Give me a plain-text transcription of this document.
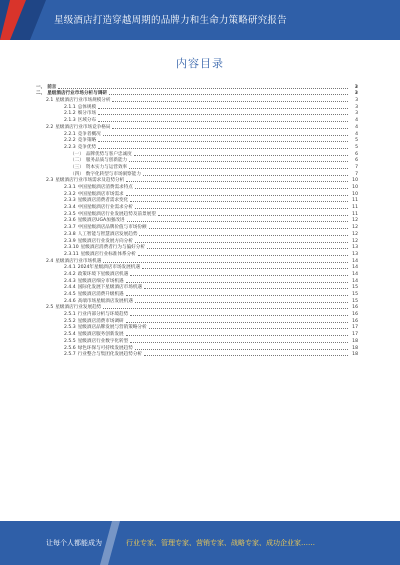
星级酒店打造穿越周期的品牌力和生命力策略研究报告
内容目录
一、 前言	3
二、 星级酒店行业市场分析与调研	3
2.1 星级酒店行业市场规模分析	3
2.1.1 总体规模	3
2.1.2 细分市场	3
2.1.3 区域分布	4
2.2 星级酒店行业市场竞争格局	4
2.2.1 竞争者概况	4
2.2.2 竞争策略	5
2.2.3 竞争优势	5
（一） 品牌优势与客户忠诚度	6
（二） 服务品质与创新能力	6
（三） 资本实力与运营效率	7
（四） 数字化转型与市场洞察能力	7
2.3 星级酒店行业市场需求及趋势分析	10
2.3.1 中国星级酒店消费需求特点	10
2.3.2 中国星级酒店市场需求	10
2.3.3 星级酒店消费者需求变化	11
2.3.4 中国星级酒店行业需求分析	11
2.3.5 中国星级酒店行业发展趋势及前景展望	11
2.3.6 星级酒店UGA加强改进	12
2.3.7 中国星级酒店品牌价值与市场份额	12
2.3.8 人工智能与智慧酒店发展趋势	12
2.3.9 星级酒店行业发展方向分析	12
2.3.10 星级酒店消费者行为与偏好分析	13
2.3.11 星级酒店行业标准体系分析	13
2.4 星级酒店行业市场机遇	14
2.4.1 2024年星级酒店市场发展机遇	14
2.4.2 政策环境下星级酒店机遇	14
2.4.3 星级酒店细分市场机遇	14
2.4.4 国际化发展下星级酒店市场机遇	15
2.4.5 星级酒店消费升级机遇	15
2.4.6 高端市场星级酒店发展机遇	15
2.5 星级酒店行业发展趋势	16
2.5.1 行业内部分析与环境趋势	16
2.5.2 星级酒店消费市场调研	16
2.5.3 星级酒店品牌发展与营销策略分析	17
2.5.4 星级酒店服务创新发展	17
2.5.5 星级酒店行业数字化转型	18
2.5.6 绿色环保与可持续发展趋势	18
2.5.7 行业整合与集团化发展趋势分析	18
让每个人都能成为	行业专家、管理专家、营销专家、战略专家、成功企业家……
